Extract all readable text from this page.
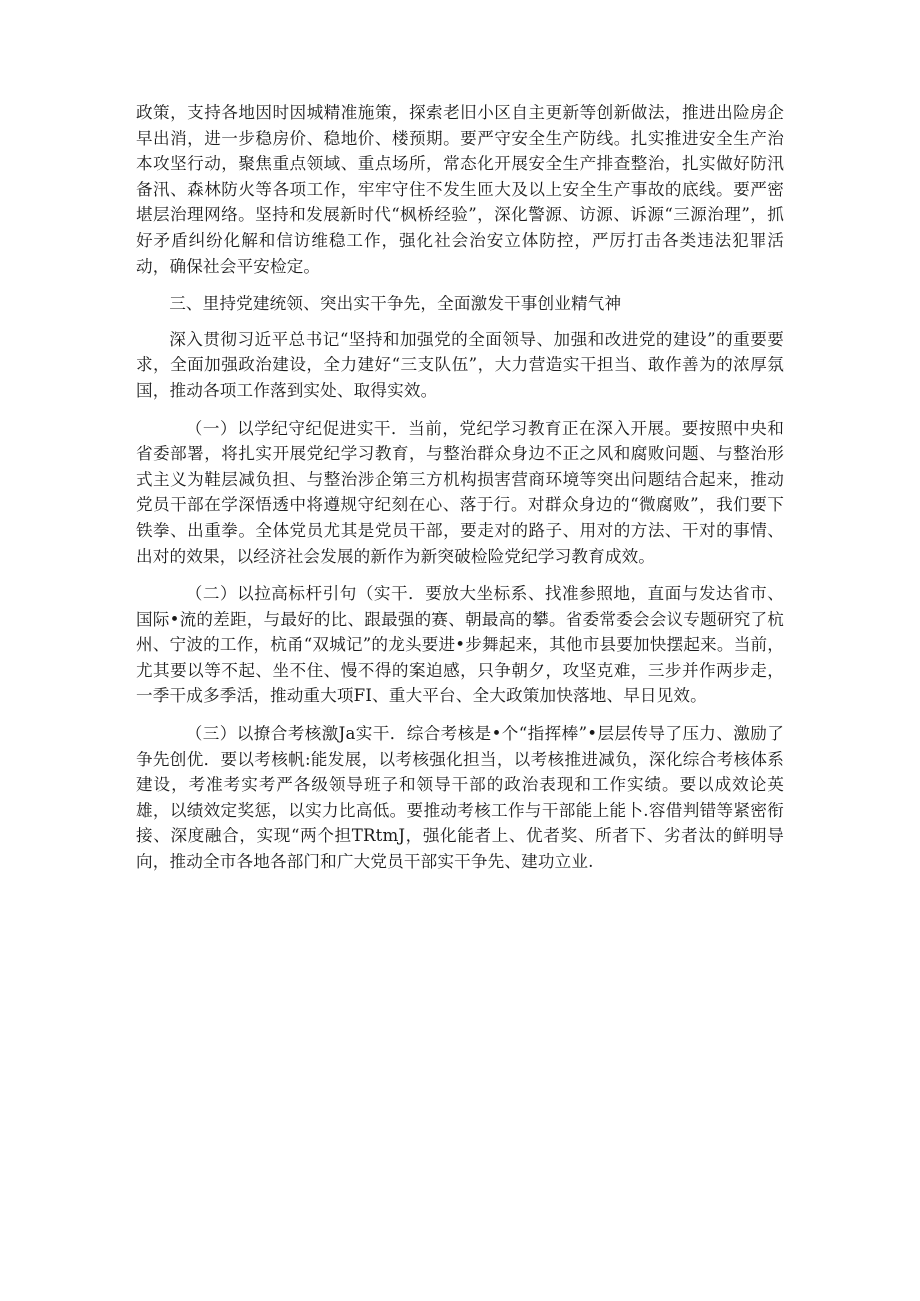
政策，支持各地因时因城精准施策，探索老旧小区自主更新等创新做法，推进出险房企早出消，进一步稳房价、稳地价、楼预期。要严守安全生产防线。扎实推进安全生产治本攻坚行动，聚焦重点领域、重点场所，常态化开展安全生产排查整治，扎实做好防汛备汛、森林防火等各项工作，牢牢守住不发生匝大及以上安全生产事故的底线。要严密堪层治理网络。坚持和发展新时代“枫桥经验”，深化警源、访源、诉源“三源治理”，抓好矛盾纠纷化解和信访维稳工作，强化社会治安立体防控，严厉打击各类违法犯罪活动，确保社会平安检定。

三、里持党建统领、突出实干争先，全面激发干事创业精气神

深入贯彻习近平总书记“坚持和加强党的全面领导、加强和改进党的建设”的重要要求，全面加强政治建设，全力建好“三支队伍”，大力营造实干担当、敢作善为的浓厚氛国，推动各项工作落到实处、取得实效。

（一）以学纪守纪促进实干．当前，党纪学习教育正在深入开展。要按照中央和省委部署，将扎实开展党纪学习教育，与整治群众身边不正之风和腐败问题、与整治形式主义为鞋层减负担、与整治涉企第三方机构损害营商环境等突出问题结合起来，推动党员干部在学深悟透中将遵规守纪刻在心、落于行。对群众身边的“微腐败”，我们要下铁拳、出重拳。全体党员尤其是党员干部，要走对的路子、用对的方法、干对的事情、出对的效果，以经济社会发展的新作为新突破检险党纪学习教育成效。

（二）以拉高标杆引句（实干．要放大坐标系、找准参照地，直面与发达省市、国际•流的差距，与最好的比、跟最强的赛、朝最高的攀。省委常委会会议专题研究了杭州、宁波的工作，杭甬“双城记”的龙头要进•步舞起来，其他市县要加快摆起来。当前，尤其要以等不起、坐不住、慢不得的案迫感，只争朝夕，攻坚克难，三步并作两步走，一季干成多季活，推动重大项FI、重大平台、全大政策加快落地、早日见效。

（三）以撩合考核激Ja实干．综合考核是•个“指挥棒”•层层传导了压力、激励了争先创优．要以考核帆:能发展，以考核强化担当，以考核推进减负，深化综合考核体系建设，考准考实考严各级领导班子和领导干部的政治表现和工作实绩。要以成效论英雄，以绩效定奖惩，以实力比高低。要推动考核工作与干部能上能卜.容借判错等紧密衔接、深度融合，实现“两个担TRtmJ，强化能者上、优者奖、所者下、劣者汰的鲜明导向，推动全市各地各部门和广大党员干部实干争先、建功立业.
